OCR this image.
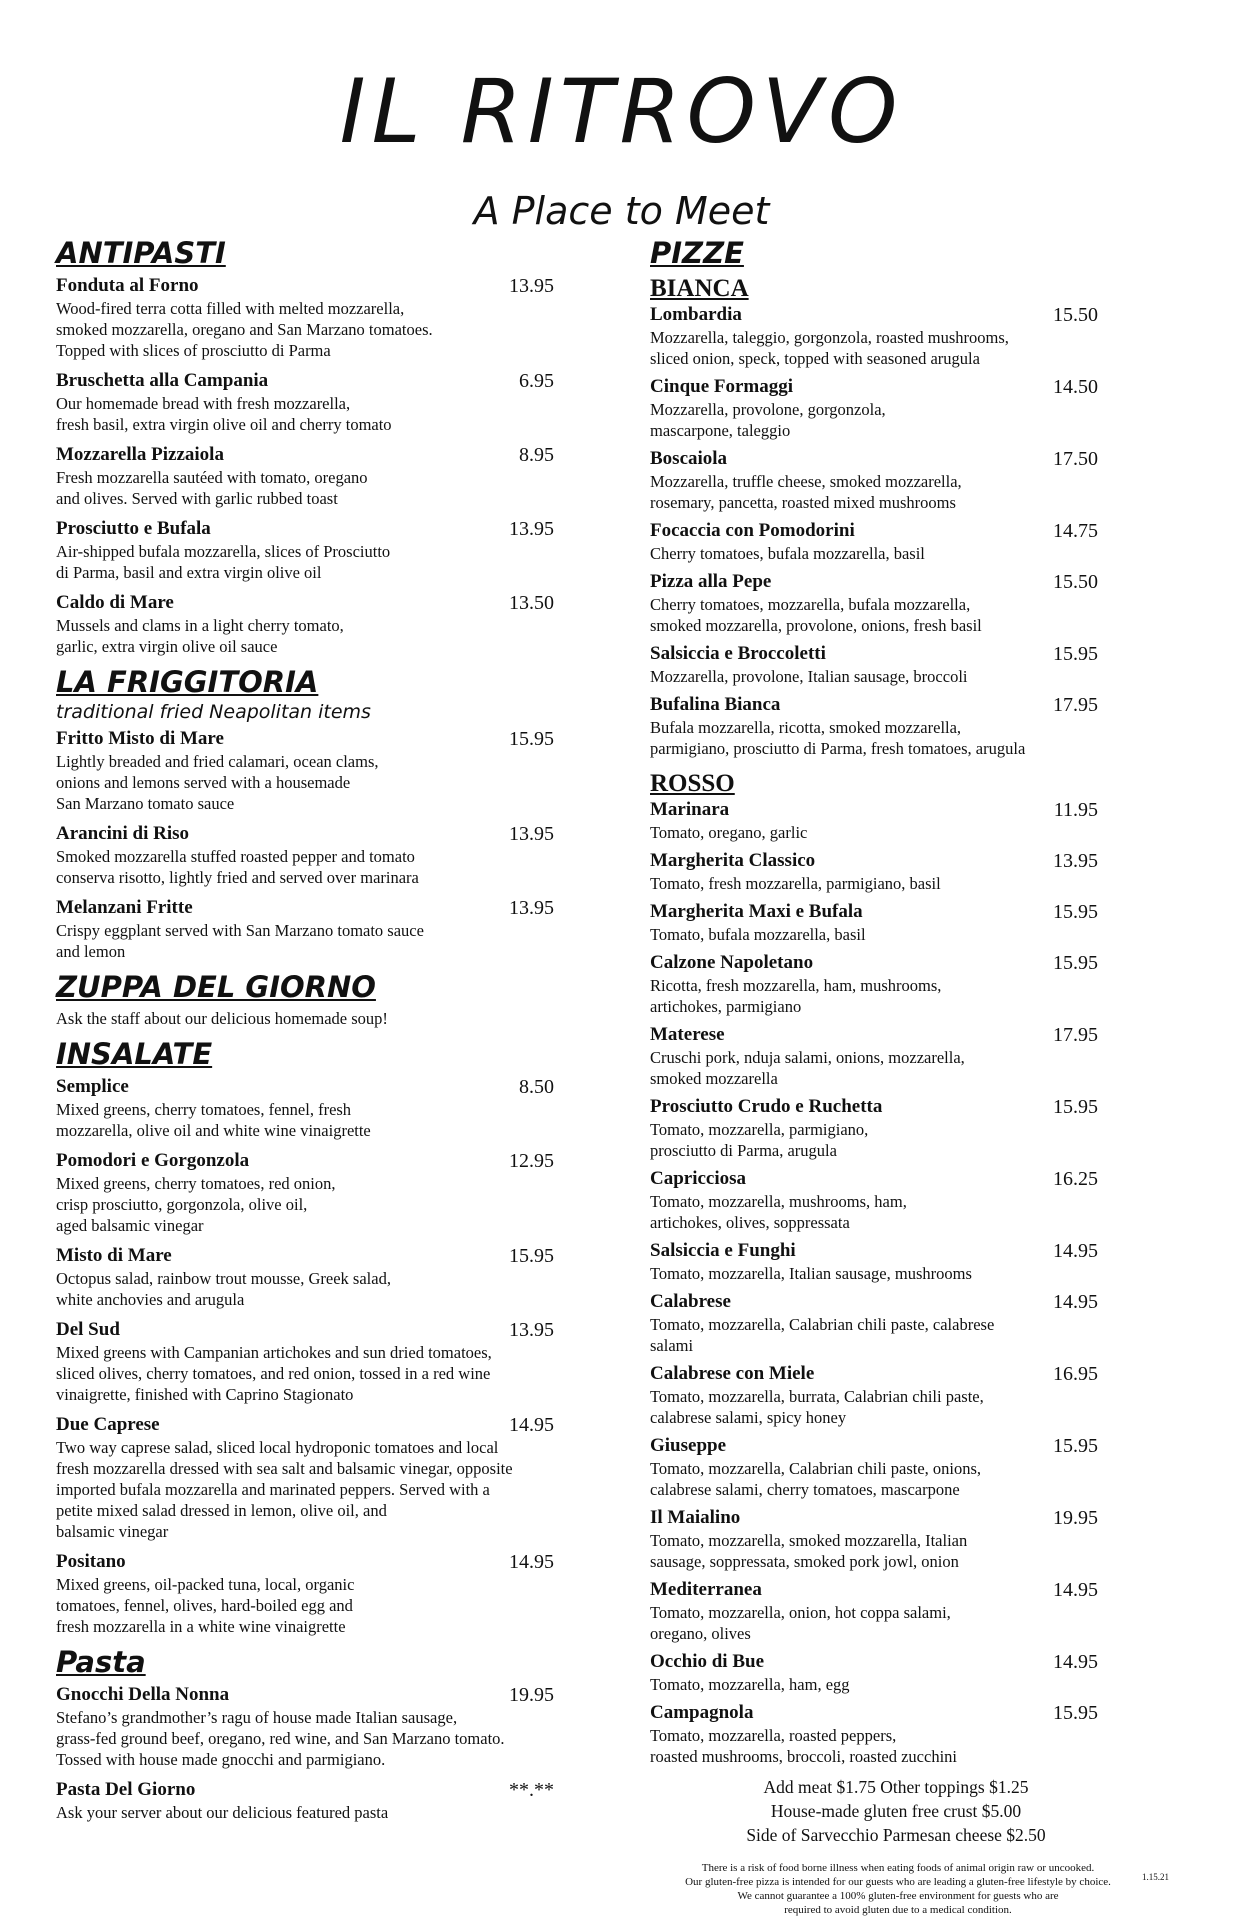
IL RITROVO
A Place to Meet
ANTIPASTI
Fonduta al Forno	13.95
Wood-fired terra cotta filled with melted mozzarella,
smoked mozzarella, oregano and San Marzano tomatoes.
Topped with slices of prosciutto di Parma
Bruschetta alla Campania	6.95
Our homemade bread with fresh mozzarella,
fresh basil, extra virgin olive oil and cherry tomato
Mozzarella Pizzaiola	8.95
Fresh mozzarella sautéed with tomato, oregano
and olives. Served with garlic rubbed toast
Prosciutto e Bufala	13.95
Air-shipped bufala mozzarella, slices of Prosciutto
di Parma, basil and extra virgin olive oil
Caldo di Mare	13.50
Mussels and clams in a light cherry tomato,
garlic, extra virgin olive oil sauce
LA FRIGGITORIA
traditional fried Neapolitan items
Fritto Misto di Mare	15.95
Lightly breaded and fried calamari, ocean clams,
onions and lemons served with a housemade
San Marzano tomato sauce
Arancini di Riso	13.95
Smoked mozzarella stuffed roasted pepper and tomato
conserva risotto, lightly fried and served over marinara
Melanzani Fritte	13.95
Crispy eggplant served with San Marzano tomato sauce
and lemon
ZUPPA DEL GIORNO
Ask the staff about our delicious homemade soup!
INSALATE
Semplice	8.50
Mixed greens, cherry tomatoes, fennel, fresh
mozzarella, olive oil and white wine vinaigrette
Pomodori e Gorgonzola	12.95
Mixed greens, cherry tomatoes, red onion,
crisp prosciutto, gorgonzola, olive oil,
aged balsamic vinegar
Misto di Mare	15.95
Octopus salad, rainbow trout mousse, Greek salad,
white anchovies and arugula
Del Sud	13.95
Mixed greens with Campanian artichokes and sun dried tomatoes,
sliced olives, cherry tomatoes, and red onion, tossed in a red wine
vinaigrette, finished with Caprino Stagionato
Due Caprese	14.95
Two way caprese salad, sliced local hydroponic tomatoes and local
fresh mozzarella dressed with sea salt and balsamic vinegar, opposite
imported bufala mozzarella and marinated peppers. Served with a
petite mixed salad dressed in lemon, olive oil, and
balsamic vinegar
Positano	14.95
Mixed greens, oil-packed tuna, local, organic
tomatoes, fennel, olives, hard-boiled egg and
fresh mozzarella in a white wine vinaigrette
Pasta
Gnocchi Della Nonna	19.95
Stefano’s grandmother’s ragu of house made Italian sausage,
grass-fed ground beef, oregano, red wine, and San Marzano tomato.
Tossed with house made gnocchi and parmigiano.
Pasta Del Giorno	**.**
Ask your server about our delicious featured pasta
PIZZE
BIANCA
Lombardia	15.50
Mozzarella, taleggio, gorgonzola, roasted mushrooms,
sliced onion, speck, topped with seasoned arugula
Cinque Formaggi	14.50
Mozzarella, provolone, gorgonzola,
mascarpone, taleggio
Boscaiola	17.50
Mozzarella, truffle cheese, smoked mozzarella,
rosemary, pancetta, roasted mixed mushrooms
Focaccia con Pomodorini	14.75
Cherry tomatoes, bufala mozzarella, basil
Pizza alla Pepe	15.50
Cherry tomatoes, mozzarella, bufala mozzarella,
smoked mozzarella, provolone, onions, fresh basil
Salsiccia e Broccoletti	15.95
Mozzarella, provolone, Italian sausage, broccoli
Bufalina Bianca	17.95
Bufala mozzarella, ricotta, smoked mozzarella,
parmigiano, prosciutto di Parma, fresh tomatoes, arugula
ROSSO
Marinara	11.95
Tomato, oregano, garlic
Margherita Classico	13.95
Tomato, fresh mozzarella, parmigiano, basil
Margherita Maxi e Bufala	15.95
Tomato, bufala mozzarella, basil
Calzone Napoletano	15.95
Ricotta, fresh mozzarella, ham, mushrooms,
artichokes, parmigiano
Materese	17.95
Cruschi pork, nduja salami, onions, mozzarella,
smoked mozzarella
Prosciutto Crudo e Ruchetta	15.95
Tomato, mozzarella, parmigiano,
prosciutto di Parma, arugula
Capricciosa	16.25
Tomato, mozzarella, mushrooms, ham,
artichokes, olives, soppressata
Salsiccia e Funghi	14.95
Tomato, mozzarella, Italian sausage, mushrooms
Calabrese	14.95
Tomato, mozzarella, Calabrian chili paste, calabrese
salami
Calabrese con Miele	16.95
Tomato, mozzarella, burrata, Calabrian chili paste,
calabrese salami, spicy honey
Giuseppe	15.95
Tomato, mozzarella, Calabrian chili paste, onions,
calabrese salami, cherry tomatoes, mascarpone
Il Maialino	19.95
Tomato, mozzarella, smoked mozzarella, Italian
sausage, soppressata, smoked pork jowl, onion
Mediterranea	14.95
Tomato, mozzarella, onion, hot coppa salami,
oregano, olives
Occhio di Bue	14.95
Tomato, mozzarella, ham, egg
Campagnola	15.95
Tomato, mozzarella, roasted peppers,
roasted mushrooms, broccoli, roasted zucchini
Add meat $1.75 Other toppings $1.25
House-made gluten free crust $5.00
Side of Sarvecchio Parmesan cheese $2.50
There is a risk of food borne illness when eating foods of animal origin raw or uncooked.
Our gluten-free pizza is intended for our guests who are leading a gluten-free lifestyle by choice.
We cannot guarantee a 100% gluten-free environment for guests who are
required to avoid gluten due to a medical condition.
1.15.21
